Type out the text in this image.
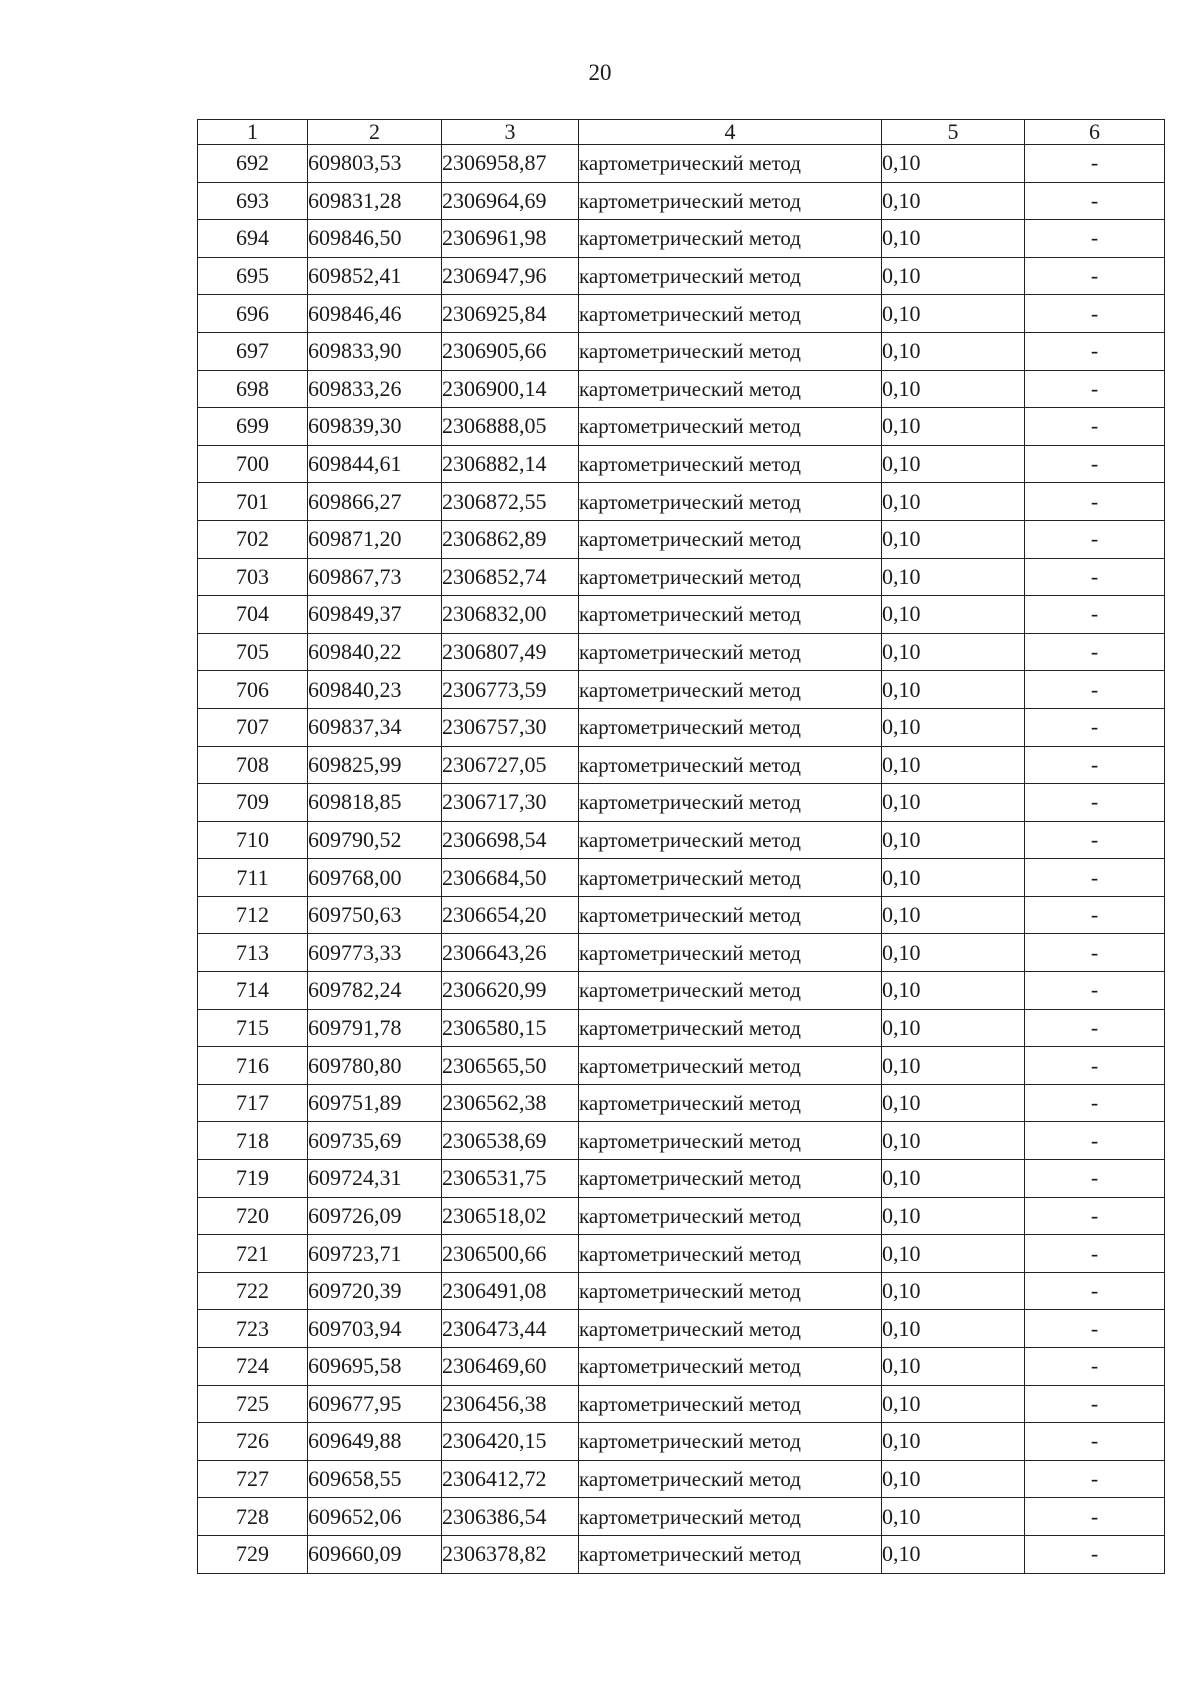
20
1	2	3	4	5	6
692	609803,53	2306958,87	картометрический метод	0,10	-
693	609831,28	2306964,69	картометрический метод	0,10	-
694	609846,50	2306961,98	картометрический метод	0,10	-
695	609852,41	2306947,96	картометрический метод	0,10	-
696	609846,46	2306925,84	картометрический метод	0,10	-
697	609833,90	2306905,66	картометрический метод	0,10	-
698	609833,26	2306900,14	картометрический метод	0,10	-
699	609839,30	2306888,05	картометрический метод	0,10	-
700	609844,61	2306882,14	картометрический метод	0,10	-
701	609866,27	2306872,55	картометрический метод	0,10	-
702	609871,20	2306862,89	картометрический метод	0,10	-
703	609867,73	2306852,74	картометрический метод	0,10	-
704	609849,37	2306832,00	картометрический метод	0,10	-
705	609840,22	2306807,49	картометрический метод	0,10	-
706	609840,23	2306773,59	картометрический метод	0,10	-
707	609837,34	2306757,30	картометрический метод	0,10	-
708	609825,99	2306727,05	картометрический метод	0,10	-
709	609818,85	2306717,30	картометрический метод	0,10	-
710	609790,52	2306698,54	картометрический метод	0,10	-
711	609768,00	2306684,50	картометрический метод	0,10	-
712	609750,63	2306654,20	картометрический метод	0,10	-
713	609773,33	2306643,26	картометрический метод	0,10	-
714	609782,24	2306620,99	картометрический метод	0,10	-
715	609791,78	2306580,15	картометрический метод	0,10	-
716	609780,80	2306565,50	картометрический метод	0,10	-
717	609751,89	2306562,38	картометрический метод	0,10	-
718	609735,69	2306538,69	картометрический метод	0,10	-
719	609724,31	2306531,75	картометрический метод	0,10	-
720	609726,09	2306518,02	картометрический метод	0,10	-
721	609723,71	2306500,66	картометрический метод	0,10	-
722	609720,39	2306491,08	картометрический метод	0,10	-
723	609703,94	2306473,44	картометрический метод	0,10	-
724	609695,58	2306469,60	картометрический метод	0,10	-
725	609677,95	2306456,38	картометрический метод	0,10	-
726	609649,88	2306420,15	картометрический метод	0,10	-
727	609658,55	2306412,72	картометрический метод	0,10	-
728	609652,06	2306386,54	картометрический метод	0,10	-
729	609660,09	2306378,82	картометрический метод	0,10	-
